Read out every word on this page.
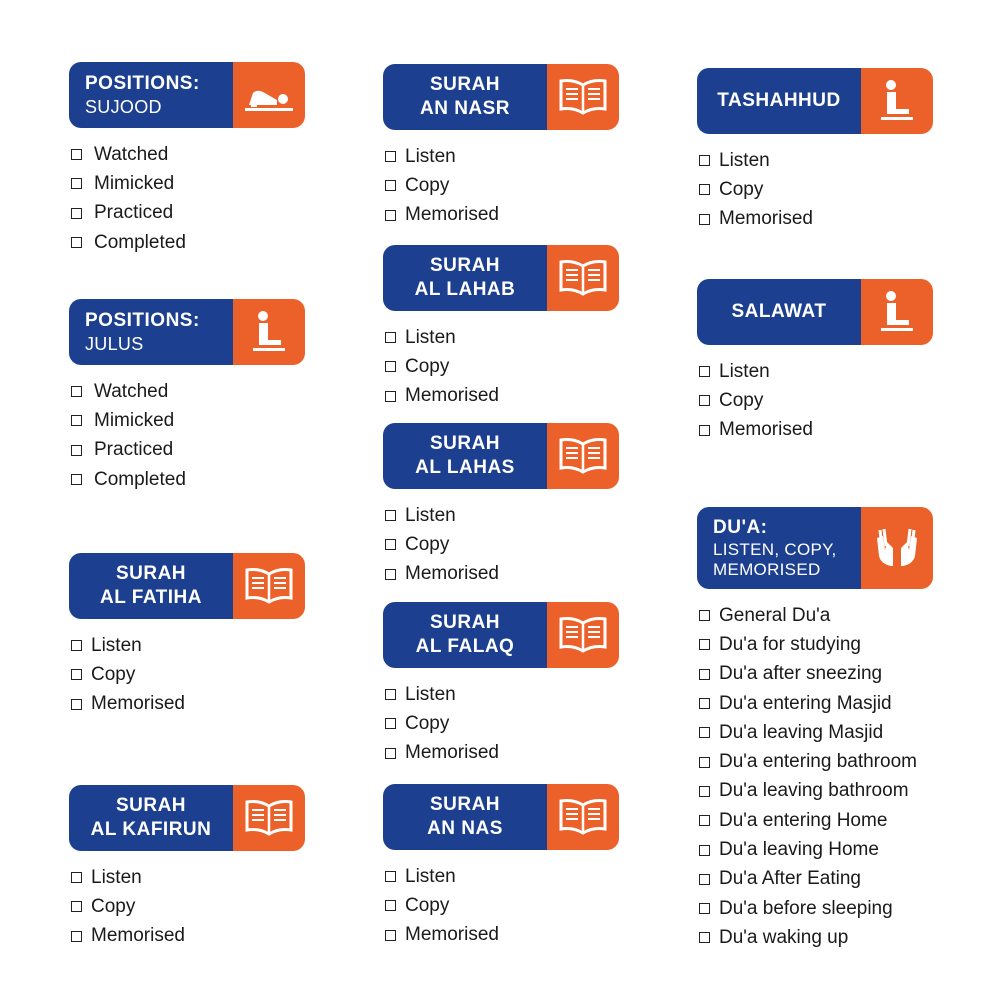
POSITIONS:
SUJOOD
Watched
Mimicked
Practiced
Completed
POSITIONS:
JULUS
Watched
Mimicked
Practiced
Completed
SURAH
AL FATIHA
Listen
Copy
Memorised
SURAH
AL KAFIRUN
Listen
Copy
Memorised
SURAH
AN NASR
Listen
Copy
Memorised
SURAH
AL LAHAB
Listen
Copy
Memorised
SURAH
AL LAHAS
Listen
Copy
Memorised
SURAH
AL FALAQ
Listen
Copy
Memorised
SURAH
AN NAS
Listen
Copy
Memorised
TASHAHHUD
Listen
Copy
Memorised
SALAWAT
Listen
Copy
Memorised
DU'A:
LISTEN, COPY,
MEMORISED
General Du'a
Du'a for studying
Du'a after sneezing
Du'a entering Masjid
Du'a leaving Masjid
Du'a entering bathroom
Du'a leaving bathroom
Du'a entering Home
Du'a leaving Home
Du'a After Eating
Du'a before sleeping
Du'a waking up
